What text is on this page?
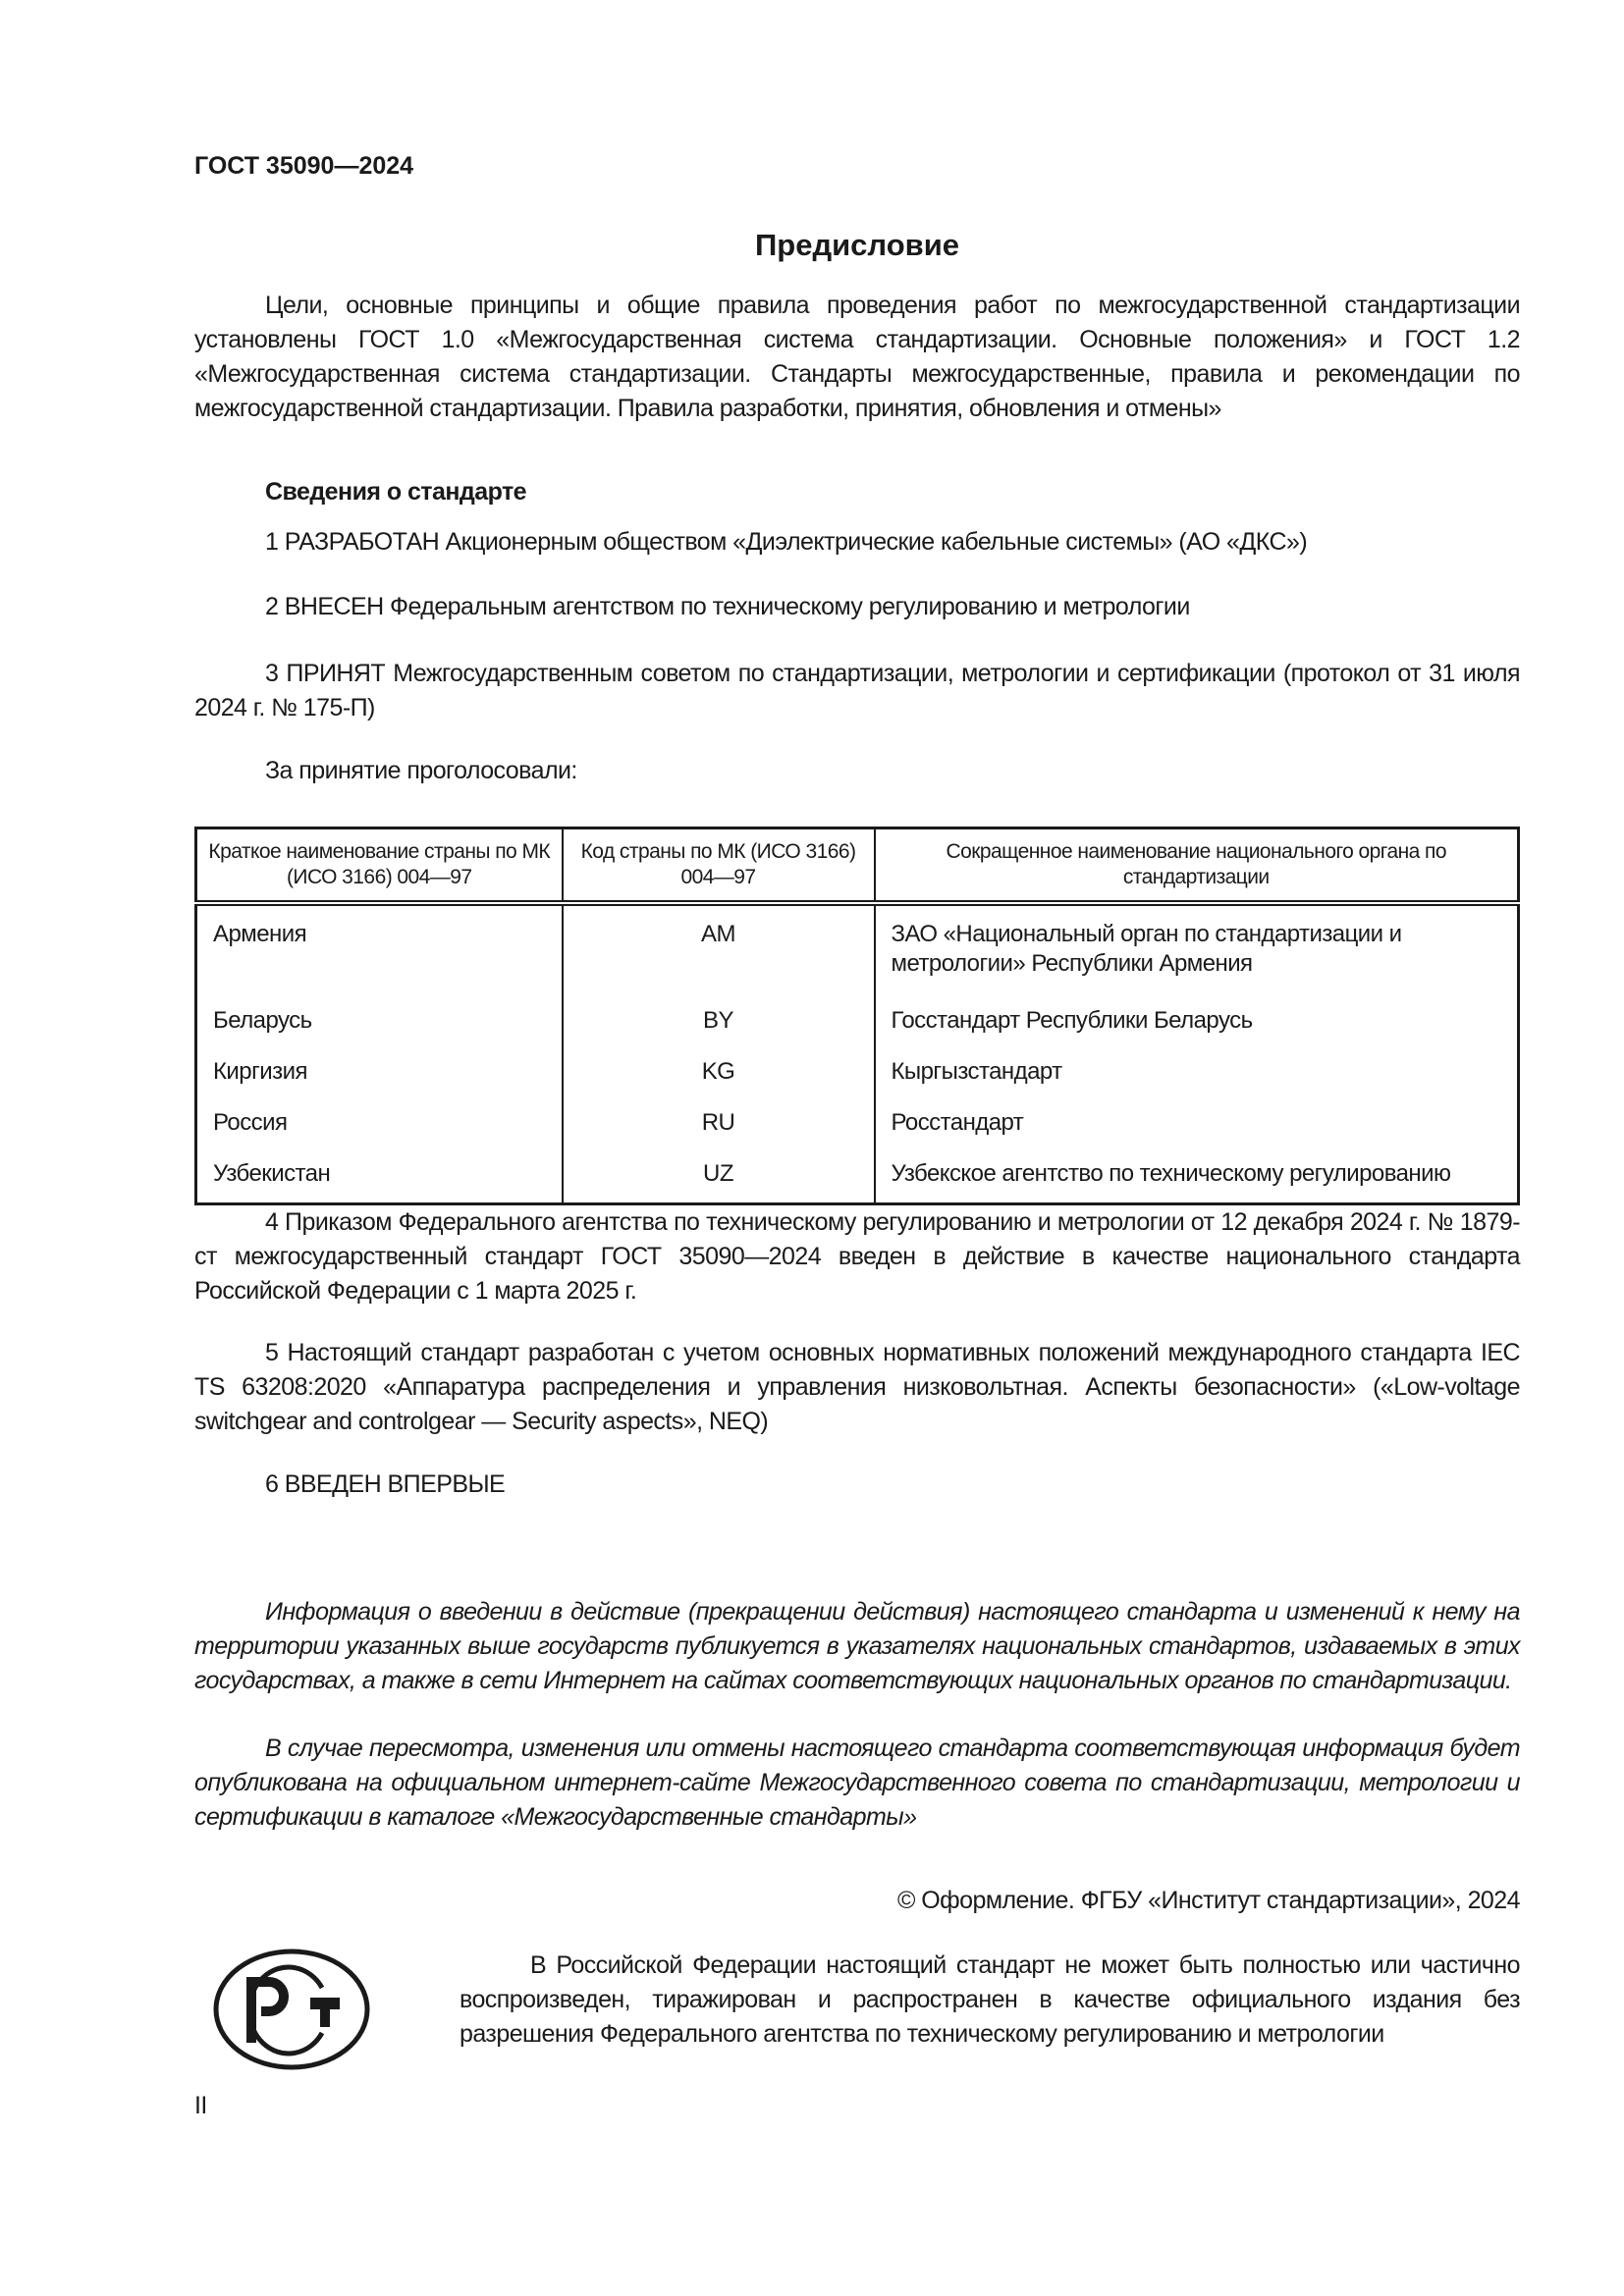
ГОСТ 35090—2024
Предисловие

Цели, основные принципы и общие правила проведения работ по межгосударственной стандартизации установлены ГОСТ 1.0 «Межгосударственная система стандартизации. Основные положения» и ГОСТ 1.2 «Межгосударственная система стандартизации. Стандарты межгосударственные, правила и рекомендации по межгосударственной стандартизации. Правила разработки, принятия, обновления и отмены»

Сведения о стандарте

1 РАЗРАБОТАН Акционерным обществом «Диэлектрические кабельные системы» (АО «ДКС»)

2 ВНЕСЕН Федеральным агентством по техническому регулированию и метрологии

3 ПРИНЯТ Межгосударственным советом по стандартизации, метрологии и сертификации (протокол от 31 июля 2024 г. № 175-П)

За принятие проголосовали:
Краткое наименование страны по МК (ИСО 3166) 004—97	Код страны по МК (ИСО 3166) 004—97	Сокращенное наименование национального органа по стандартизации
Армения	AM	ЗАО «Национальный орган по стандартизации и метрологии» Республики Армения
Беларусь	BY	Госстандарт Республики Беларусь
Киргизия	KG	Кыргызстандарт
Россия	RU	Росстандарт
Узбекистан	UZ	Узбекское агентство по техническому регулированию

4 Приказом Федерального агентства по техническому регулированию и метрологии от 12 декабря 2024 г. № 1879-ст межгосударственный стандарт ГОСТ 35090—2024 введен в действие в качестве национального стандарта Российской Федерации с 1 марта 2025 г.

5 Настоящий стандарт разработан с учетом основных нормативных положений международного стандарта IEC TS 63208:2020 «Аппаратура распределения и управления низковольтная. Аспекты безопасности» («Low-voltage switchgear and controlgear — Security aspects», NEQ)

6 ВВЕДЕН ВПЕРВЫЕ

Информация о введении в действие (прекращении действия) настоящего стандарта и изменений к нему на территории указанных выше государств публикуется в указателях национальных стандартов, издаваемых в этих государствах, а также в сети Интернет на сайтах соответствующих национальных органов по стандартизации.

В случае пересмотра, изменения или отмены настоящего стандарта соответствующая информация будет опубликована на официальном интернет-сайте Межгосударственного совета по стандартизации, метрологии и сертификации в каталоге «Межгосударственные стандарты»

© Оформление. ФГБУ «Институт стандартизации», 2024

В Российской Федерации настоящий стандарт не может быть полностью или частично воспроизведен, тиражирован и распространен в качестве официального издания без разрешения Федерального агентства по техническому регулированию и метрологии

II
